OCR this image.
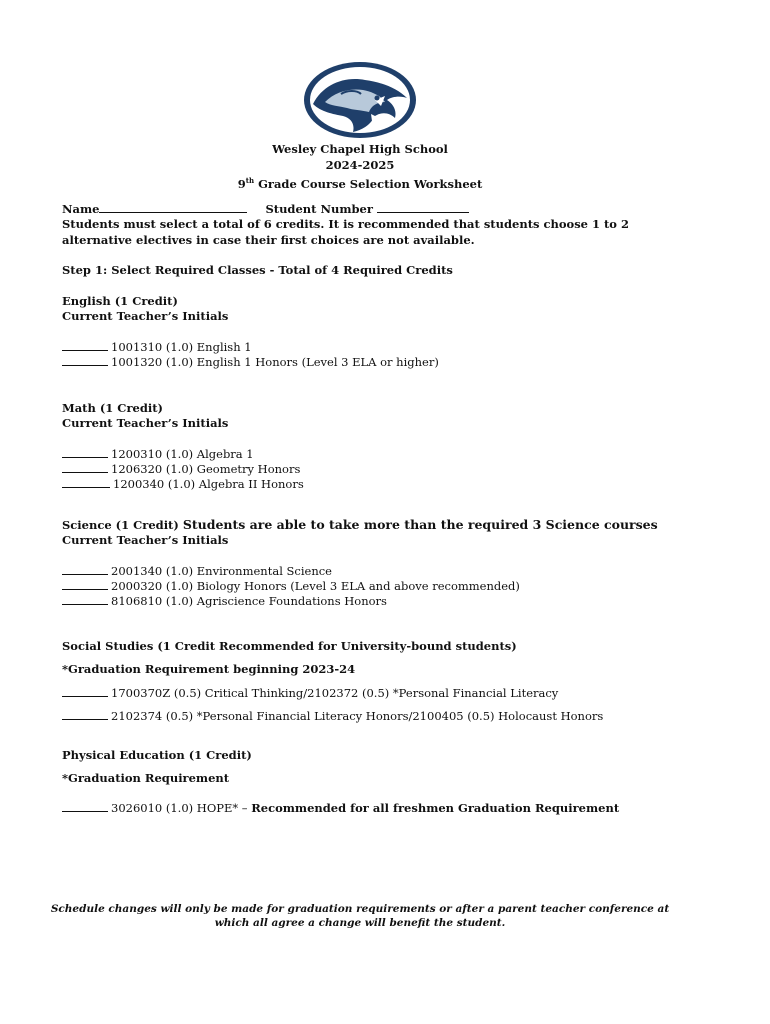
Wesley Chapel High School
2024-2025
9th Grade Course Selection Worksheet
Name	Student Number
Students must select a total of 6 credits. It is recommended that students choose 1 to 2 alternative electives in case their first choices are not available.
Step 1: Select Required Classes - Total of 4 Required Credits
English (1 Credit)
Current Teacher’s Initials
1001310 (1.0) English 1
1001320 (1.0) English 1 Honors (Level 3 ELA or higher)
Math (1 Credit)
Current Teacher’s Initials
1200310 (1.0) Algebra 1
1206320 (1.0) Geometry Honors
1200340 (1.0) Algebra II Honors
Science (1 Credit) Students are able to take more than the required 3 Science courses
Current Teacher’s Initials
2001340 (1.0) Environmental Science
2000320 (1.0) Biology Honors (Level 3 ELA and above recommended)
8106810 (1.0) Agriscience Foundations Honors
Social Studies (1 Credit Recommended for University-bound students)
*Graduation Requirement beginning 2023-24
1700370Z (0.5) Critical Thinking/2102372 (0.5) *Personal Financial Literacy
2102374 (0.5) *Personal Financial Literacy Honors/2100405 (0.5) Holocaust Honors
Physical Education (1 Credit)
*Graduation Requirement
3026010 (1.0) HOPE* – Recommended for all freshmen Graduation Requirement
Schedule changes will only be made for graduation requirements or after a parent teacher conference at which all agree a change will benefit the student.
